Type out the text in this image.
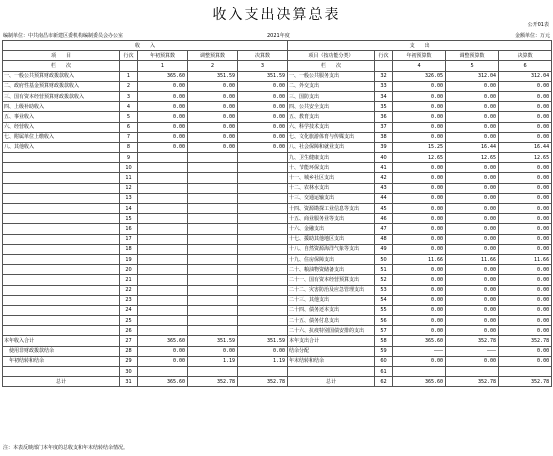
收入支出决算总表
公开01表
编制单位：中共南昌市新建区委机构编制委员会办公室	2021年度	金额单位：万元
收　　入					支　　出				
项　　目	行次	年初预算数	调整预算数	决算数	项目（按功能分类）	行次	年初预算数	调整预算数	决算数
栏　　次		1	2	3	栏　　次		4	5	6
一、一般公共预算财政拨款收入	1	365.60	351.59	351.59	一、一般公共服务支出	32	326.05	312.04	312.04
二、政府性基金预算财政拨款收入	2	0.00	0.00	0.00	二、外交支出	33	0.00	0.00	0.00
三、国有资本经营预算财政拨款收入	3	0.00	0.00	0.00	三、国防支出	34	0.00	0.00	0.00
四、上级补助收入	4	0.00	0.00	0.00	四、公共安全支出	35	0.00	0.00	0.00
五、事业收入	5	0.00	0.00	0.00	五、教育支出	36	0.00	0.00	0.00
六、经营收入	6	0.00	0.00	0.00	六、科学技术支出	37	0.00	0.00	0.00
七、附属单位上缴收入	7	0.00	0.00	0.00	七、文化旅游体育与传媒支出	38	0.00	0.00	0.00
八、其他收入	8	0.00	0.00	0.00	八、社会保障和就业支出	39	15.25	16.44	16.44
	9				九、卫生健康支出	40	12.65	12.65	12.65
	10				十、节能环保支出	41	0.00	0.00	0.00
	11				十一、城乡社区支出	42	0.00	0.00	0.00
	12				十二、农林水支出	43	0.00	0.00	0.00
	13				十三、交通运输支出	44	0.00	0.00	0.00
	14				十四、资源勘探工业信息等支出	45	0.00	0.00	0.00
	15				十五、商业服务业等支出	46	0.00	0.00	0.00
	16				十六、金融支出	47	0.00	0.00	0.00
	17				十七、援助其他地区支出	48	0.00	0.00	0.00
	18				十八、自然资源海洋气象等支出	49	0.00	0.00	0.00
	19				十九、住房保障支出	50	11.66	11.66	11.66
	20				二十、粮油物资储备支出	51	0.00	0.00	0.00
	21				二十一、国有资本经营预算支出	52	0.00	0.00	0.00
	22				二十二、灾害防治及应急管理支出	53	0.00	0.00	0.00
	23				二十三、其他支出	54	0.00	0.00	0.00
	24				二十四、债务还本支出	55	0.00	0.00	0.00
	25				二十五、债务付息支出	56	0.00	0.00	0.00
	26				二十六、抗疫特别国债安排的支出	57	0.00	0.00	0.00
本年收入合计	27	365.60	351.59	351.59	本年支出合计	58	365.60	352.78	352.78
　使用非财政拨款结余	28	0.00	0.00	0.00	结余分配	59	———	———	0.00
　年初结转和结余	29	0.00	1.19	1.19	年末结转和结余	60	0.00	0.00	0.00
	30					61			
总计	31	365.60	352.78	352.78	总计	62	365.60	352.78	352.78
注：本表反映部门本年度的总收支和年末结转结余情况。
